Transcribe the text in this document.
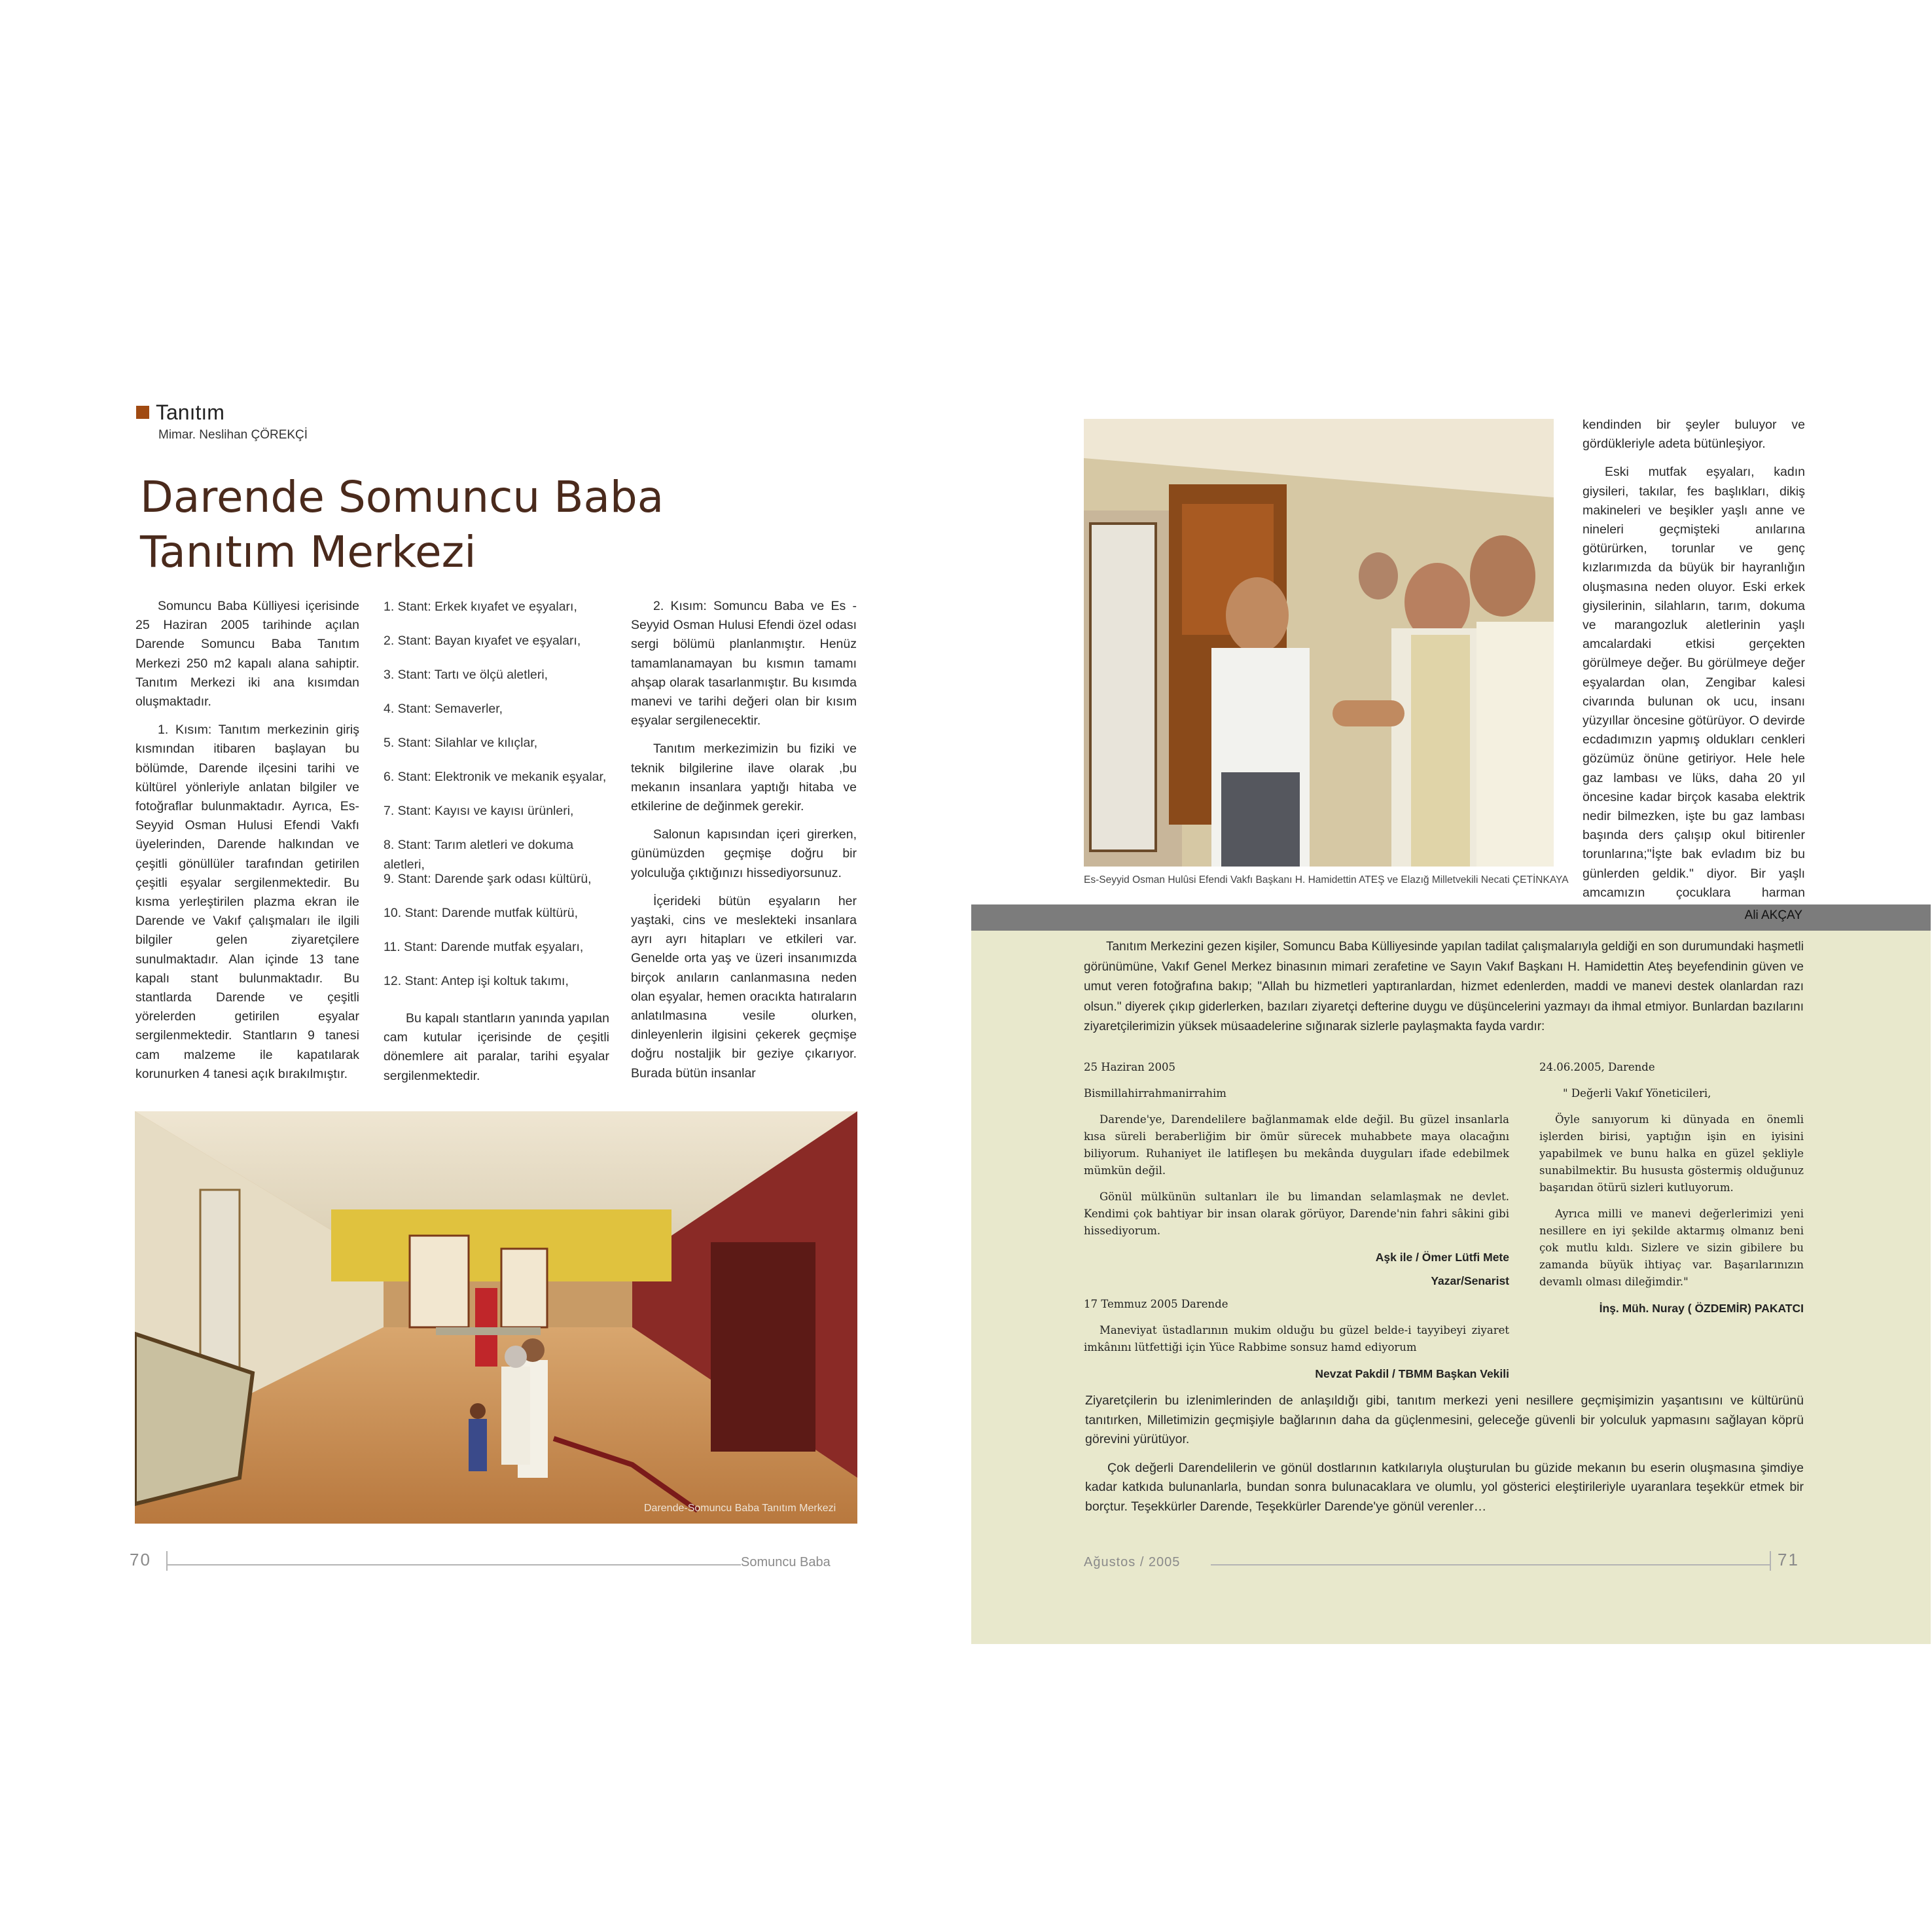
Tanıtım
Mimar. Neslihan ÇÖREKÇİ
Darende Somuncu Baba
Tanıtım Merkezi

Somuncu Baba Külliyesi içerisinde 25 Haziran 2005 tarihinde açılan Darende Somuncu Baba Tanıtım Merkezi 250 m2 kapalı alana sahiptir. Tanıtım Merkezi iki ana kısımdan oluşmaktadır.

1. Kısım: Tanıtım merkezinin giriş kısmından itibaren başlayan bu bölümde, Darende ilçesini tarihi ve kültürel yönleriyle anlatan bilgiler ve fotoğraflar bulunmaktadır. Ayrıca, Es-Seyyid Osman Hulusi Efendi Vakfı üyelerinden, Darende halkından ve çeşitli gönüllüler tarafından getirilen çeşitli eşyalar sergilenmektedir. Bu kısma yerleştirilen plazma ekran ile Darende ve Vakıf çalışmaları ile ilgili bilgiler gelen ziyaretçilere sunulmaktadır. Alan içinde 13 tane kapalı stant bulunmaktadır. Bu stantlarda Darende ve çeşitli yörelerden getirilen eşyalar sergilenmektedir. Stantların 9 tanesi cam malzeme ile kapatılarak korunurken 4 tanesi açık bırakılmıştır.

1. Stant: Erkek kıyafet ve eşyaları,
2. Stant: Bayan kıyafet ve eşyaları,
3. Stant: Tartı ve ölçü aletleri,
4. Stant: Semaverler,
5. Stant: Silahlar ve kılıçlar,
6. Stant: Elektronik ve mekanik eşyalar,
7. Stant: Kayısı ve kayısı ürünleri,
8. Stant: Tarım aletleri ve dokuma aletleri,
9. Stant: Darende şark odası kültürü,
10. Stant: Darende mutfak kültürü,
11. Stant: Darende mutfak eşyaları,
12. Stant: Antep işi koltuk takımı,

Bu kapalı stantların yanında yapılan cam kutular içerisinde de çeşitli dönemlere ait paralar, tarihi eşyalar sergilenmektedir.

2. Kısım: Somuncu Baba ve Es - Seyyid Osman Hulusi Efendi özel odası sergi bölümü planlanmıştır. Henüz tamamlanamayan bu kısmın tamamı ahşap olarak tasarlanmıştır. Bu kısımda manevi ve tarihi değeri olan bir kısım eşyalar sergilenecektir.

Tanıtım merkezimizin bu fiziki ve teknik bilgilerine ilave olarak ,bu mekanın insanlara yaptığı hitaba ve etkilerine de değinmek gerekir.

Salonun kapısından içeri girerken, günümüzden geçmişe doğru bir yolculuğa çıktığınızı hissediyorsunuz.

İçerideki bütün eşyaların her yaştaki, cins ve meslekteki insanlara ayrı ayrı hitapları ve etkileri var. Genelde orta yaş ve üzeri insanımızda birçok anıların canlanmasına neden olan eşyalar, hemen oracıkta hatıraların anlatılmasına vesile olurken, dinleyenlerin ilgisini çekerek geçmişe doğru nostaljik bir geziye çıkarıyor. Burada bütün insanlar

Darende-Somuncu Baba Tanıtım Merkezi
70	Somuncu Baba
Es-Seyyid Osman Hulûsi Efendi Vakfı Başkanı H. Hamidettin ATEŞ ve Elazığ Milletvekili Necati ÇETİNKAYA

kendinden bir şeyler buluyor ve gördükleriyle adeta bütünleşiyor.

Eski mutfak eşyaları, kadın giysileri, takılar, fes başlıkları, dikiş makineleri ve beşikler yaşlı anne ve nineleri geçmişteki anılarına götürürken, torunlar ve genç kızlarımızda da büyük bir hayranlığın oluşmasına neden oluyor. Eski erkek giysilerinin, silahların, tarım, dokuma ve marangozluk aletlerinin yaşlı amcalardaki etkisi gerçekten görülmeye değer. Bu görülmeye değer eşyalardan olan, Zengibar kalesi civarında bulunan ok ucu, insanı yüzyıllar öncesine götürüyor. O devirde ecdadımızın yapmış oldukları cenkleri gözümüz önüne getiriyor. Hele hele gaz lambası ve lüks, daha 20 yıl öncesine kadar birçok kasaba elektrik nedir bilmezken, işte bu gaz lambası başında ders çalışıp okul bitirenler torunlarına;"İşte bak evladım biz bu günlerden geldik." diyor. Bir yaşlı amcamızın çocuklara harman

Ali AKÇAY

Tanıtım Merkezini gezen kişiler, Somuncu Baba Külliyesinde yapılan tadilat çalışmalarıyla geldiği en son durumundaki haşmetli görünümüne, Vakıf Genel Merkez binasının mimari zerafetine ve Sayın Vakıf Başkanı H. Hamidettin Ateş beyefendinin güven ve umut veren fotoğrafına bakıp; "Allah bu hizmetleri yaptıranlardan, hizmet edenlerden, maddi ve manevi destek olanlardan razı olsun." diyerek çıkıp giderlerken, bazıları ziyaretçi defterine duygu ve düşüncelerini yazmayı da ihmal etmiyor. Bunlardan bazılarını ziyaretçilerimizin yüksek müsaadelerine sığınarak sizlerle paylaşmakta fayda vardır:

25 Haziran 2005

Bismillahirrahmanirrahim

Darende'ye, Darendelilere bağlanmamak elde değil. Bu güzel insanlarla kısa süreli beraberliğim bir ömür sürecek muhabbete maya olacağını biliyorum. Ruhaniyet ile latifleşen bu mekânda duyguları ifade edebilmek mümkün değil.

Gönül mülkünün sultanları ile bu limandan selamlaşmak ne devlet. Kendimi çok bahtiyar bir insan olarak görüyor, Darende'nin fahri sâkini gibi hissediyorum.

Aşk ile / Ömer Lütfi Mete

Yazar/Senarist

17 Temmuz 2005 Darende

Maneviyat üstadlarının mukim olduğu bu güzel belde-i tayyibeyi ziyaret imkânını lütfettiği için Yüce Rabbime sonsuz hamd ediyorum

Nevzat Pakdil / TBMM Başkan Vekili

24.06.2005, Darende

" Değerli Vakıf Yöneticileri,

Öyle sanıyorum ki dünyada en önemli işlerden birisi, yaptığın işin en iyisini yapabilmek ve bunu halka en güzel şekliyle sunabilmektir. Bu hususta göstermiş olduğunuz başarıdan ötürü sizleri kutluyorum.

Ayrıca milli ve manevi değerlerimizi yeni nesillere en iyi şekilde aktarmış olmanız beni çok mutlu kıldı. Sizlere ve sizin gibilere bu zamanda büyük ihtiyaç var. Başarılarınızın devamlı olması dileğimdir."

İnş. Müh. Nuray ( ÖZDEMİR) PAKATCI

Ziyaretçilerin bu izlenimlerinden de anlaşıldığı gibi, tanıtım merkezi yeni nesillere geçmişimizin yaşantısını ve kültürünü tanıtırken, Milletimizin geçmişiyle bağlarının daha da güçlenmesini, geleceğe güvenli bir yolculuk yapmasını sağlayan köprü görevini yürütüyor.

Çok değerli Darendelilerin ve gönül dostlarının katkılarıyla oluşturulan bu güzide mekanın bu eserin oluşmasına şimdiye kadar katkıda bulunanlarla, bundan sonra bulunacaklara ve olumlu, yol gösterici eleştirileriyle uyaranlara teşekkür etmek bir borçtur. Teşekkürler Darende, Teşekkürler Darende'ye gönül verenler…

Ağustos / 2005	71
